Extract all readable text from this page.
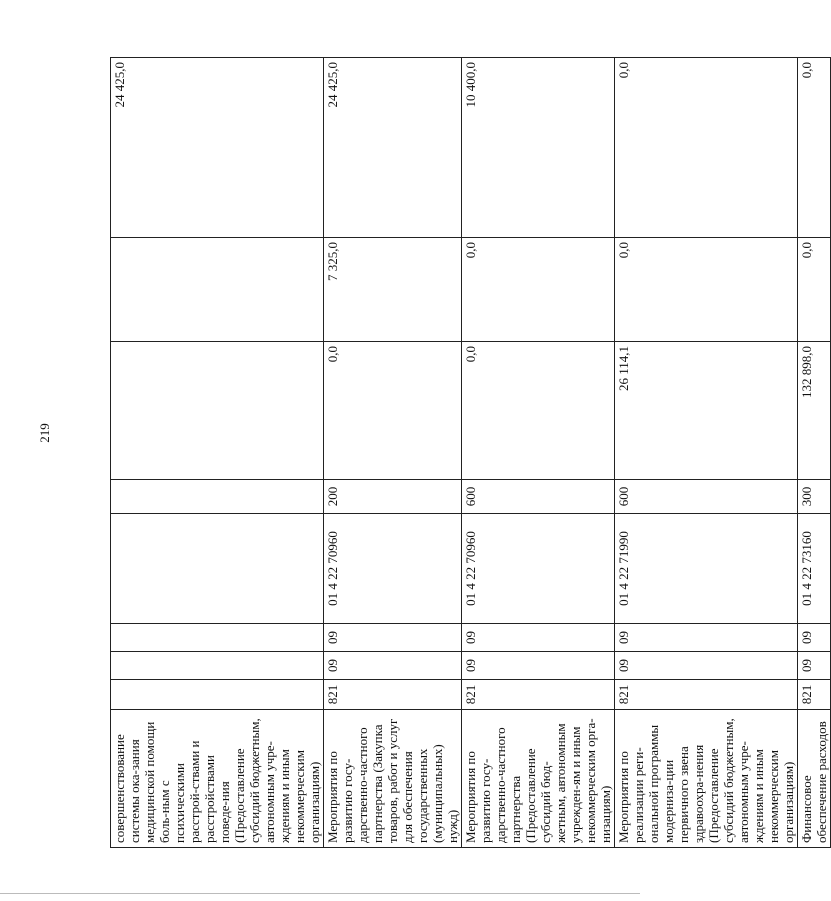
219
совершенствование системы ока-зания медицинской помощи боль-ным с психическими расстрой-ствами и расстройствами поведе-ния (Предоставление субсидий бюджетным, автономным учре-ждениям и иным некоммерческим организациям)								24 425,0
Мероприятия по развитию госу-дарственно-частного партнерства (Закупка товаров, работ и услуг для обеспечения государственных (муниципальных) нужд)	821	09	09	01 4 22 70960	200	0,0	7 325,0	24 425,0
Мероприятия по развитию госу-дарственно-частного партнерства (Предоставление субсидий бюд-жетным, автономным учрежден-ям и иным некоммерческим орга-низациям)	821	09	09	01 4 22 70960	600	0,0	0,0	10 400,0
Мероприятия по реализации реги-ональной программы модерниза-ции первичного звена здравоохра-нения (Предоставление субсидий бюджетным, автономным учре-ждениям и иным некоммерческим организациям)	821	09	09	01 4 22 71990	600	26 114,1	0,0	0,0
Финансовое обеспечение расходов	821	09	09	01 4 22 73160	300	132 898,0	0,0	0,0
